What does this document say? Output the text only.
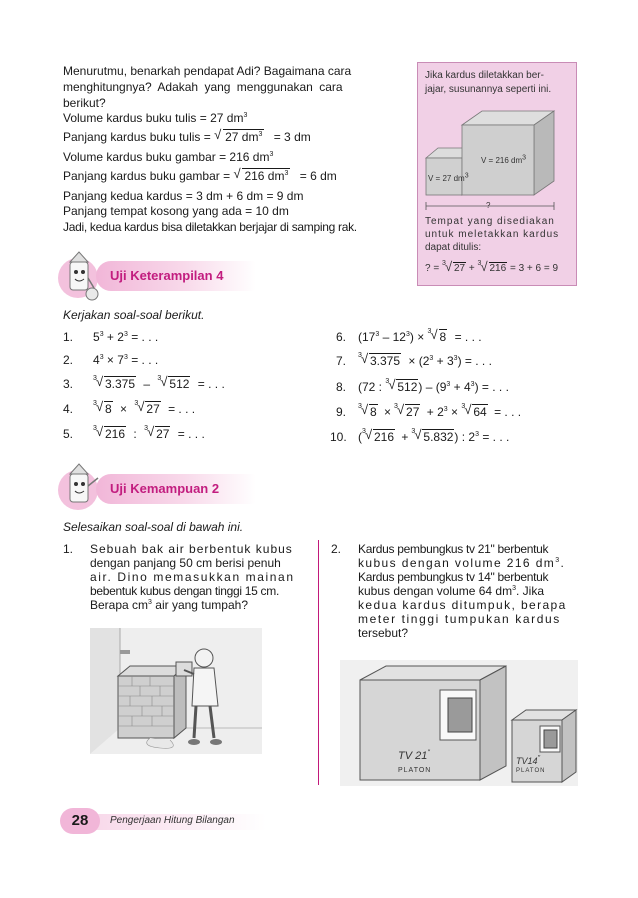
Menurutmu, benarkah pendapat Adi? Bagaimana cara
menghitungnya? Adakah yang menggunakan cara
berikut?
Volume kardus buku tulis = 27 $dm^3$
Panjang kardus buku tulis = √ 27 $dm^3 = 3$ dm
Volume kardus buku gambar = 216 $dm^3$
Panjang kardus buku gambar = √ 216 $dm^3 = 6$ dm
Panjang kedua kardus = 3 dm + 6 dm = 9 dm
Panjang tempat kosong yang ada = 10 dm
Jadi, kedua kardus bisa diletakkan berjajar di samping rak.
Jika kardus diletakkan ber-
jajar, susunannya seperti ini.
V = 216 $dm^3$
V = 27 $dm^3$
?
Tempat yang disediakan
untuk meletakkan kardus
dapat ditulis:
? = 3 √ 27 + 3 √ 216 = 3 + 6 = 9
Uji Keterampilan 4
Kerjakan soal-soal berikut.
1. $5^3 + 2^3$ = . . .
2. $4^3 \times 7^3$ = . . .
3.	3 √ 3.375 – 3 √ 512 = . . .
4.	3 √ 8 × 3 √ 27 = . . .
5.	3 √ 216 : 3 √ 27 = . . .
6. $(17^3 - 12^3) \times 3$ √ 8 = . . .
7. 3 √ $3.375 \times (2^3 + 3^3)$ = . . .
8. (72 : 3 √ $512) - (9^3 + 4^3)$ = . . .
9. 3 √ 8 × 3 √ $27 + 2^3 \times 3$ √ 64 = . . .
10. ( 3 √ 216 + 3 √ 5.832) : $2^3$ = . . .
Uji Kemampuan 2
Selesaikan soal-soal di bawah ini.
1. Sebuah bak air berbentuk kubus
dengan panjang 50 cm berisi penuh
air. Dino memasukkan mainan
bebentuk kubus dengan tinggi 15 cm.
Berapa $cm^3$ air yang tumpah?
2. Kardus pembungkus tv 21" berbentuk
kubus dengan volume 216 $dm^3$.
Kardus pembungkus tv 14" berbentuk
kubus dengan volume 64 $dm^3$. Jika
kedua kardus ditumpuk, berapa
meter tinggi tumpukan kardus
tersebut?
TV 21"
PLATON
TV14"
PLATON
28	Pengerjaan Hitung Bilangan
